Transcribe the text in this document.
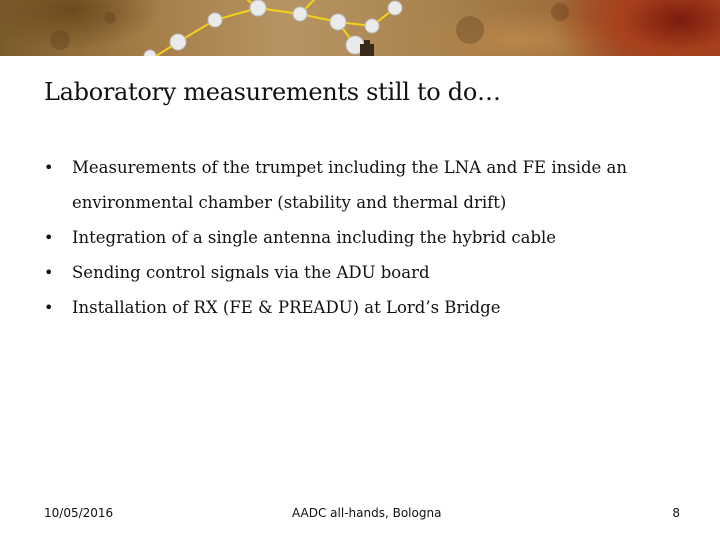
Laboratory measurements still to do…
• Measurements of the trumpet including the LNA and FE inside an environmental chamber (stability and thermal drift)
• Integration of a single antenna including the hybrid cable
• Sending control signals via the ADU board
• Installation of RX (FE & PREADU) at Lord’s Bridge
10/05/2016	AADC all-hands, Bologna	8
